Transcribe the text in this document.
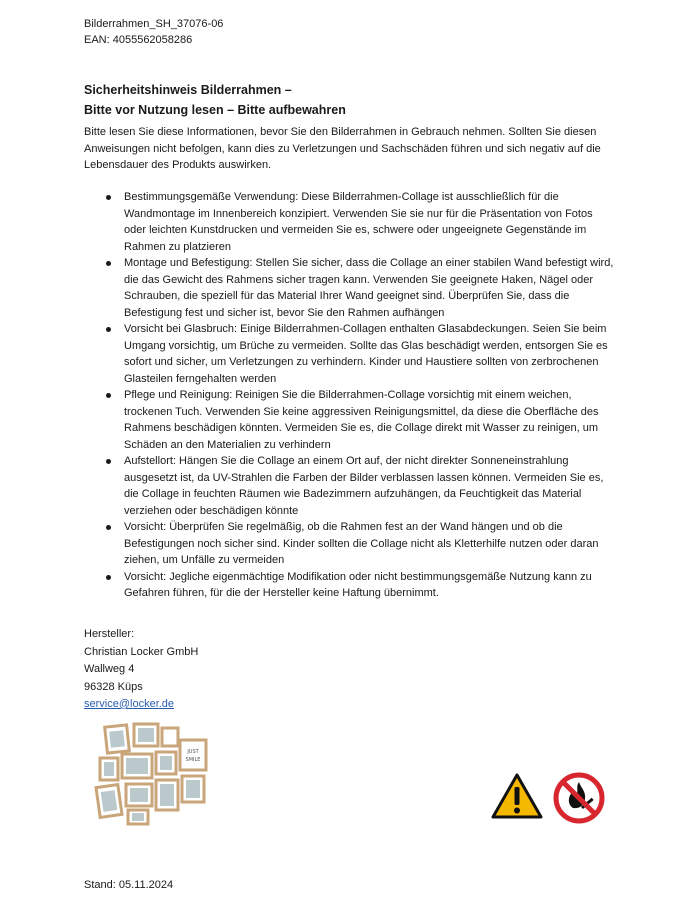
Bilderrahmen_SH_37076-06
EAN: 4055562058286
Sicherheitshinweis Bilderrahmen –
Bitte vor Nutzung lesen – Bitte aufbewahren
Bitte lesen Sie diese Informationen, bevor Sie den Bilderrahmen in Gebrauch nehmen. Sollten Sie diesen Anweisungen nicht befolgen, kann dies zu Verletzungen und Sachschäden führen und sich negativ auf die Lebensdauer des Produkts auswirken.
Bestimmungsgemäße Verwendung: Diese Bilderrahmen-Collage ist ausschließlich für die Wandmontage im Innenbereich konzipiert. Verwenden Sie sie nur für die Präsentation von Fotos oder leichten Kunstdrucken und vermeiden Sie es, schwere oder ungeeignete Gegenstände im Rahmen zu platzieren
Montage und Befestigung: Stellen Sie sicher, dass die Collage an einer stabilen Wand befestigt wird, die das Gewicht des Rahmens sicher tragen kann. Verwenden Sie geeignete Haken, Nägel oder Schrauben, die speziell für das Material Ihrer Wand geeignet sind. Überprüfen Sie, dass die Befestigung fest und sicher ist, bevor Sie den Rahmen aufhängen
Vorsicht bei Glasbruch: Einige Bilderrahmen-Collagen enthalten Glasabdeckungen. Seien Sie beim Umgang vorsichtig, um Brüche zu vermeiden. Sollte das Glas beschädigt werden, entsorgen Sie es sofort und sicher, um Verletzungen zu verhindern. Kinder und Haustiere sollten von zerbrochenen Glasteilen ferngehalten werden
Pflege und Reinigung: Reinigen Sie die Bilderrahmen-Collage vorsichtig mit einem weichen, trockenen Tuch. Verwenden Sie keine aggressiven Reinigungsmittel, da diese die Oberfläche des Rahmens beschädigen könnten. Vermeiden Sie es, die Collage direkt mit Wasser zu reinigen, um Schäden an den Materialien zu verhindern
Aufstellort: Hängen Sie die Collage an einem Ort auf, der nicht direkter Sonneneinstrahlung ausgesetzt ist, da UV-Strahlen die Farben der Bilder verblassen lassen können. Vermeiden Sie es, die Collage in feuchten Räumen wie Badezimmern aufzuhängen, da Feuchtigkeit das Material verziehen oder beschädigen könnte
Vorsicht: Überprüfen Sie regelmäßig, ob die Rahmen fest an der Wand hängen und ob die Befestigungen noch sicher sind. Kinder sollten die Collage nicht als Kletterhilfe nutzen oder daran ziehen, um Unfälle zu vermeiden
Vorsicht: Jegliche eigenmächtige Modifikation oder nicht bestimmungsgemäße Nutzung kann zu Gefahren führen, für die der Hersteller keine Haftung übernimmt.
Hersteller:
Christian Locker GmbH
Wallweg 4
96328 Küps
service@locker.de
JUST
SMILE
Stand: 05.11.2024
